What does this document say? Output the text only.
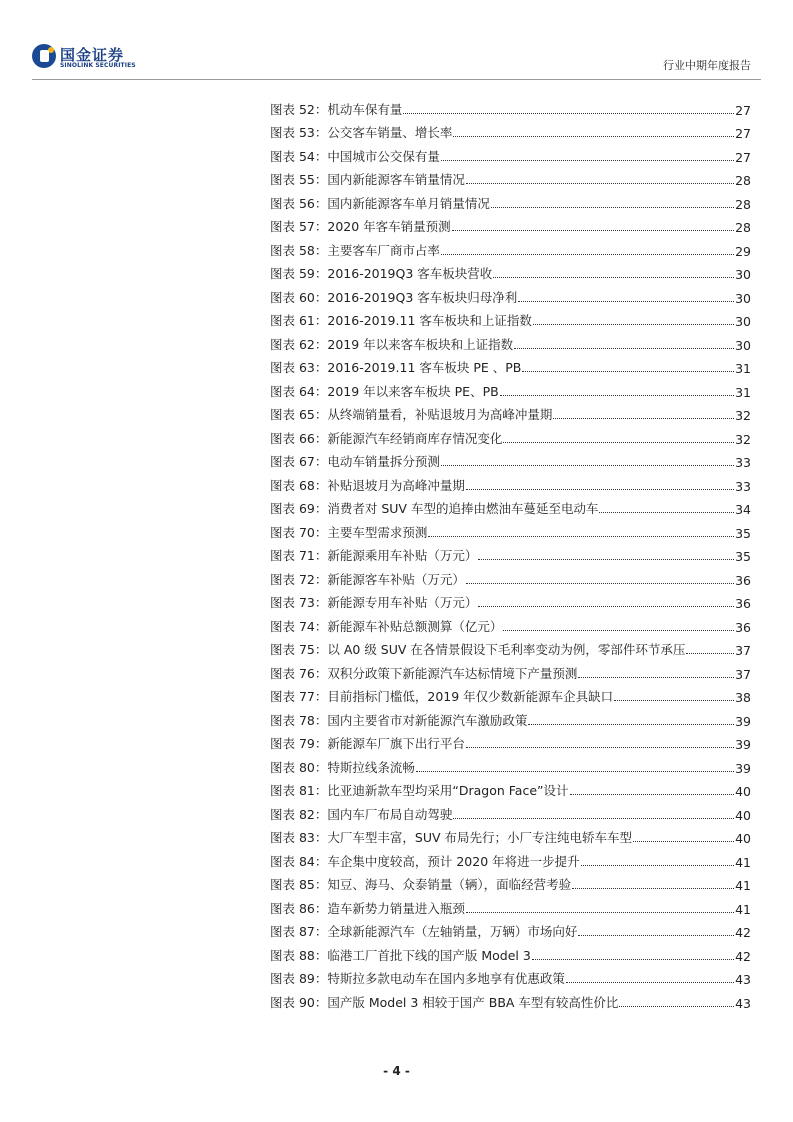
国金证券
SINOLINK SECURITIES	行业中期年度报告
图表 52：机动车保有量	27
图表 53：公交客车销量、增长率	27
图表 54：中国城市公交保有量	27
图表 55：国内新能源客车销量情况	28
图表 56：国内新能源客车单月销量情况	28
图表 57：2020 年客车销量预测	28
图表 58：主要客车厂商市占率	29
图表 59：2016-2019Q3 客车板块营收	30
图表 60：2016-2019Q3 客车板块归母净利	30
图表 61：2016-2019.11 客车板块和上证指数	30
图表 62：2019 年以来客车板块和上证指数	30
图表 63：2016-2019.11 客车板块 PE 、PB	31
图表 64：2019 年以来客车板块 PE、PB	31
图表 65：从终端销量看，补贴退坡月为高峰冲量期	32
图表 66：新能源汽车经销商库存情况变化	32
图表 67：电动车销量拆分预测	33
图表 68：补贴退坡月为高峰冲量期	33
图表 69：消费者对 SUV 车型的追捧由燃油车蔓延至电动车	34
图表 70：主要车型需求预测	35
图表 71：新能源乘用车补贴（万元）	35
图表 72：新能源客车补贴（万元）	36
图表 73：新能源专用车补贴（万元）	36
图表 74：新能源车补贴总额测算（亿元）	36
图表 75：以 A0 级 SUV 在各情景假设下毛利率变动为例，零部件环节承压	37
图表 76：双积分政策下新能源汽车达标情境下产量预测	37
图表 77：目前指标门槛低，2019 年仅少数新能源车企具缺口	38
图表 78：国内主要省市对新能源汽车激励政策	39
图表 79：新能源车厂旗下出行平台	39
图表 80：特斯拉线条流畅	39
图表 81：比亚迪新款车型均采用“Dragon Face”设计	40
图表 82：国内车厂布局自动驾驶	40
图表 83：大厂车型丰富，SUV 布局先行；小厂专注纯电轿车车型	40
图表 84：车企集中度较高，预计 2020 年将进一步提升	41
图表 85：知豆、海马、众泰销量（辆），面临经营考验	41
图表 86：造车新势力销量进入瓶颈	41
图表 87：全球新能源汽车（左轴销量，万辆）市场向好	42
图表 88：临港工厂首批下线的国产版 Model 3	42
图表 89：特斯拉多款电动车在国内多地享有优惠政策	43
图表 90：国产版 Model 3 相较于国产 BBA 车型有较高性价比	43
- 4 -
